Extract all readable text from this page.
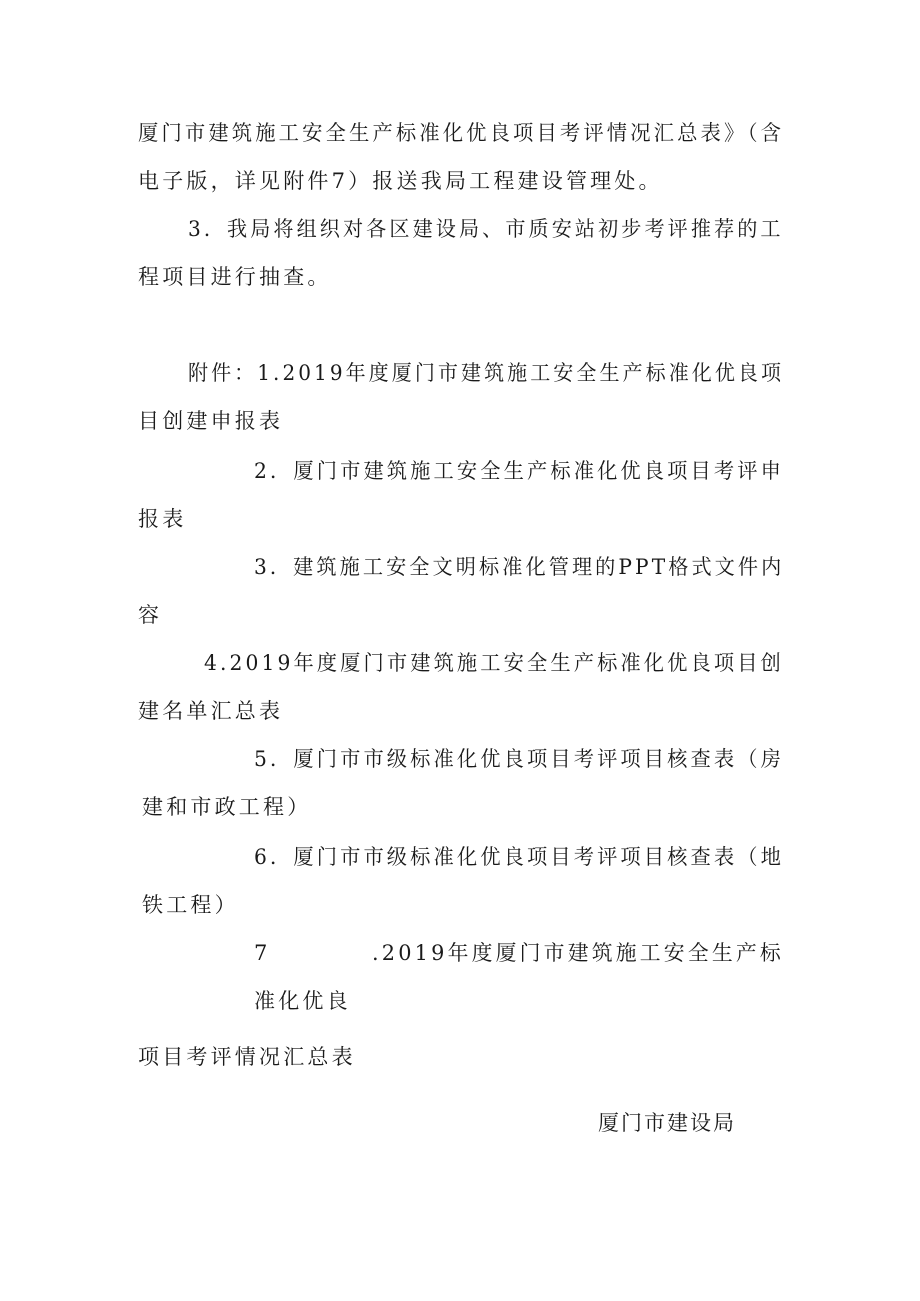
厦门市建筑施工安全生产标准化优良项目考评情况汇总表》（含

电子版，详见附件7）报送我局工程建设管理处。

3．我局将组织对各区建设局、市质安站初步考评推荐的工

程项目进行抽查。

附件：1.2019年度厦门市建筑施工安全生产标准化优良项

目创建申报表

2．厦门市建筑施工安全生产标准化优良项目考评申

报表

3．建筑施工安全文明标准化管理的PPT格式文件内

容

4.2019年度厦门市建筑施工安全生产标准化优良项目创

建名单汇总表

5．厦门市市级标准化优良项目考评项目核查表（房

建和市政工程）

6．厦门市市级标准化优良项目考评项目核查表（地

铁工程）

7	.2019年度厦门市建筑施工安全生产标

准化优良

项目考评情况汇总表

厦门市建设局
